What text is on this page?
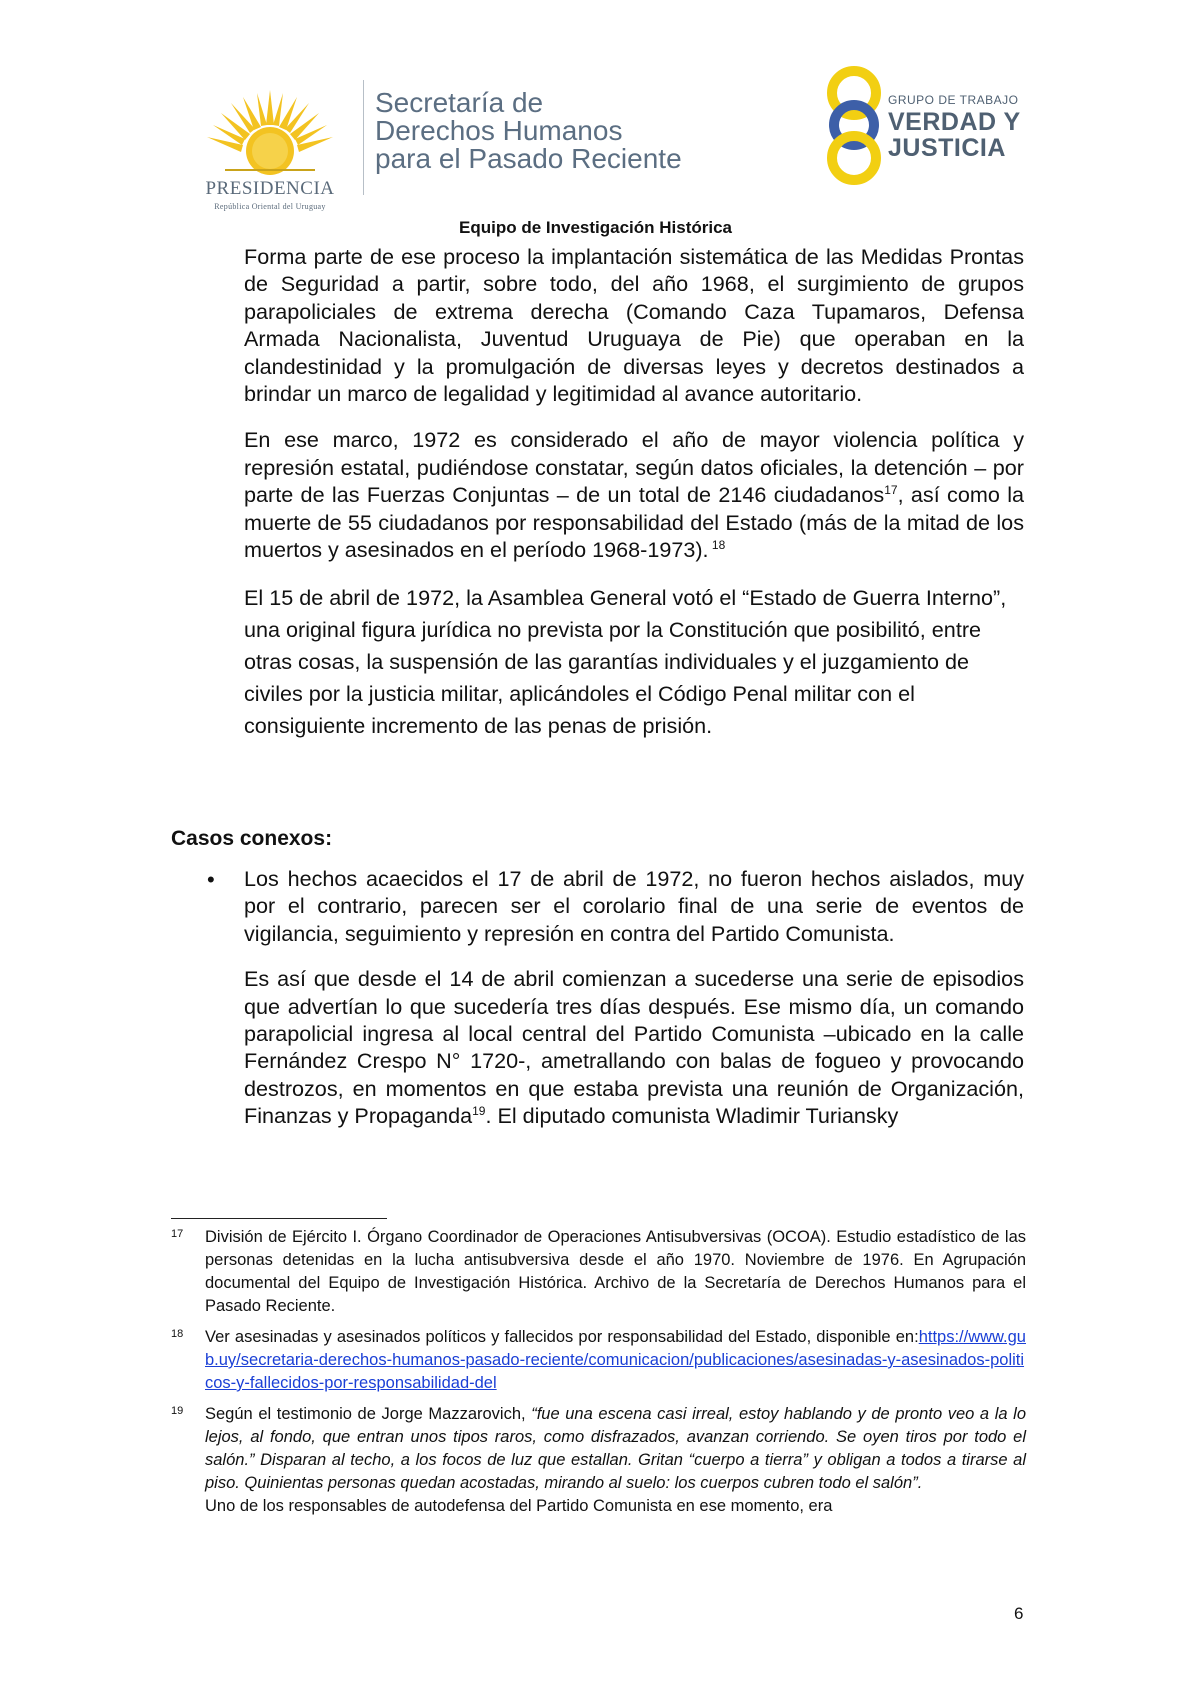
PRESIDENCIA
República Oriental del Uruguay
Secretaría de
Derechos Humanos
para el Pasado Reciente
GRUPO DE TRABAJO
VERDAD Y
JUSTICIA
Equipo de Investigación Histórica

Forma parte de ese proceso la implantación sistemática de las Medidas Prontas de Seguridad a partir, sobre todo, del año 1968, el surgimiento de grupos parapoliciales de extrema derecha (Comando Caza Tupamaros, Defensa Armada Nacionalista, Juventud Uruguaya de Pie) que operaban en la clandestinidad y la promulgación de diversas leyes y decretos destinados a brindar un marco de legalidad y legitimidad al avance autoritario.

En ese marco, 1972 es considerado el año de mayor violencia política y represión estatal, pudiéndose constatar, según datos oficiales, la detención – por parte de las Fuerzas Conjuntas – de un total de 2146 ciudadanos$^{17}$, así como la muerte de 55 ciudadanos por responsabilidad del Estado (más de la mitad de los muertos y asesinados en el período 1968-1973). $^{18}$

El 15 de abril de 1972, la Asamblea General votó el “Estado de Guerra Interno”, una original figura jurídica no prevista por la Constitución que posibilitó, entre otras cosas, la suspensión de las garantías individuales y el juzgamiento de civiles por la justicia militar, aplicándoles el Código Penal militar con el consiguiente incremento de las penas de prisión.

Casos conexos:
• Los hechos acaecidos el 17 de abril de 1972, no fueron hechos aislados, muy por el contrario, parecen ser el corolario final de una serie de eventos de vigilancia, seguimiento y represión en contra del Partido Comunista.

Es así que desde el 14 de abril comienzan a sucederse una serie de episodios que advertían lo que sucedería tres días después. Ese mismo día, un comando parapolicial ingresa al local central del Partido Comunista –ubicado en la calle Fernández Crespo N° 1720-, ametrallando con balas de fogueo y provocando destrozos, en momentos en que estaba prevista una reunión de Organización, Finanzas y Propaganda$^{19}$. El diputado comunista Wladimir Turiansky

17 División de Ejército I. Órgano Coordinador de Operaciones Antisubversivas (OCOA). Estudio estadístico de las personas detenidas en la lucha antisubversiva desde el año 1970. Noviembre de 1976. En Agrupación documental del Equipo de Investigación Histórica. Archivo de la Secretaría de Derechos Humanos para el Pasado Reciente.
18 Ver asesinadas y asesinados políticos y fallecidos por responsabilidad del Estado, disponible en:https://www.gub.uy/secretaria-derechos-humanos-pasado-reciente/comunicacion/publicaciones/asesinadas-y-asesinados-politicos-y-fallecidos-por-responsabilidad-del
19 Según el testimonio de Jorge Mazzarovich, “fue una escena casi irreal, estoy hablando y de pronto veo a la lo lejos, al fondo, que entran unos tipos raros, como disfrazados, avanzan corriendo. Se oyen tiros por todo el salón.” Disparan al techo, a los focos de luz que estallan. Gritan “cuerpo a tierra” y obligan a todos a tirarse al piso. Quinientas personas quedan acostadas, mirando al suelo: los cuerpos cubren todo el salón”.
Uno de los responsables de autodefensa del Partido Comunista en ese momento, era
6
